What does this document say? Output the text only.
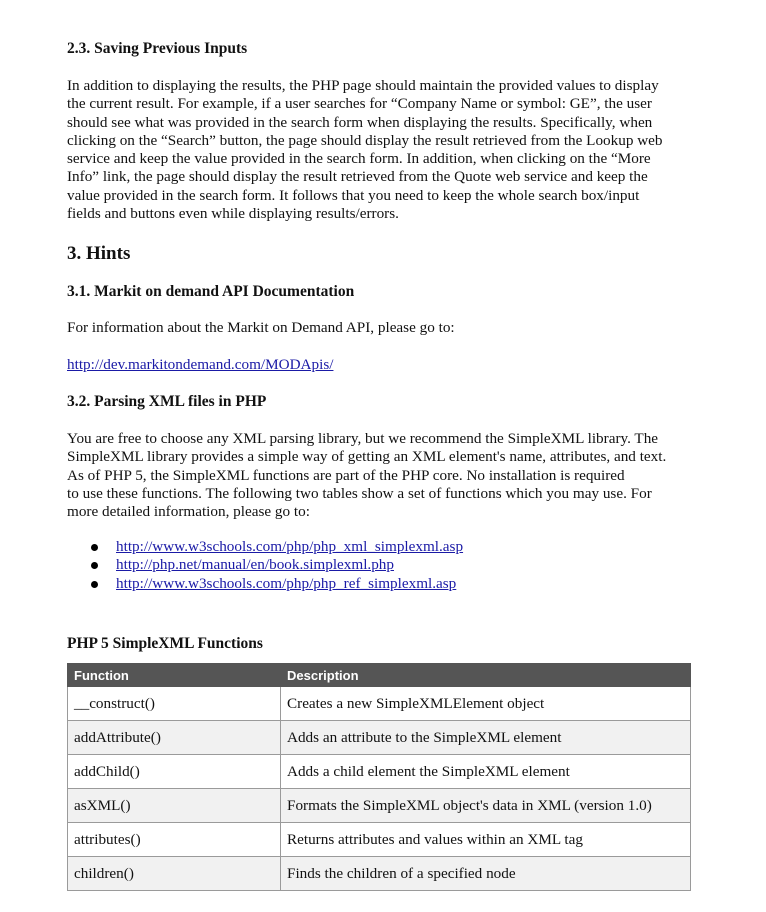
2.3. Saving Previous Inputs
In addition to displaying the results, the PHP page should maintain the provided values to display
the current result. For example, if a user searches for “Company Name or symbol: GE”, the user
should see what was provided in the search form when displaying the results. Specifically, when
clicking on the “Search” button, the page should display the result retrieved from the Lookup web
service and keep the value provided in the search form. In addition, when clicking on the “More
Info” link, the page should display the result retrieved from the Quote web service and keep the
value provided in the search form. It follows that you need to keep the whole search box/input
fields and buttons even while displaying results/errors.
3. Hints
3.1. Markit on demand API Documentation
For information about the Markit on Demand API, please go to:
http://dev.markitondemand.com/MODApis/
3.2. Parsing XML files in PHP
You are free to choose any XML parsing library, but we recommend the SimpleXML library. The
SimpleXML library provides a simple way of getting an XML element's name, attributes, and text.
As of PHP 5, the SimpleXML functions are part of the PHP core. No installation is required
to use these functions. The following two tables show a set of functions which you may use. For
more detailed information, please go to:
http://www.w3schools.com/php/php_xml_simplexml.asp
http://php.net/manual/en/book.simplexml.php
http://www.w3schools.com/php/php_ref_simplexml.asp
PHP 5 SimpleXML Functions
Function	Description
__construct()	Creates a new SimpleXMLElement object
addAttribute()	Adds an attribute to the SimpleXML element
addChild()	Adds a child element the SimpleXML element
asXML()	Formats the SimpleXML object's data in XML (version 1.0)
attributes()	Returns attributes and values within an XML tag
children()	Finds the children of a specified node
